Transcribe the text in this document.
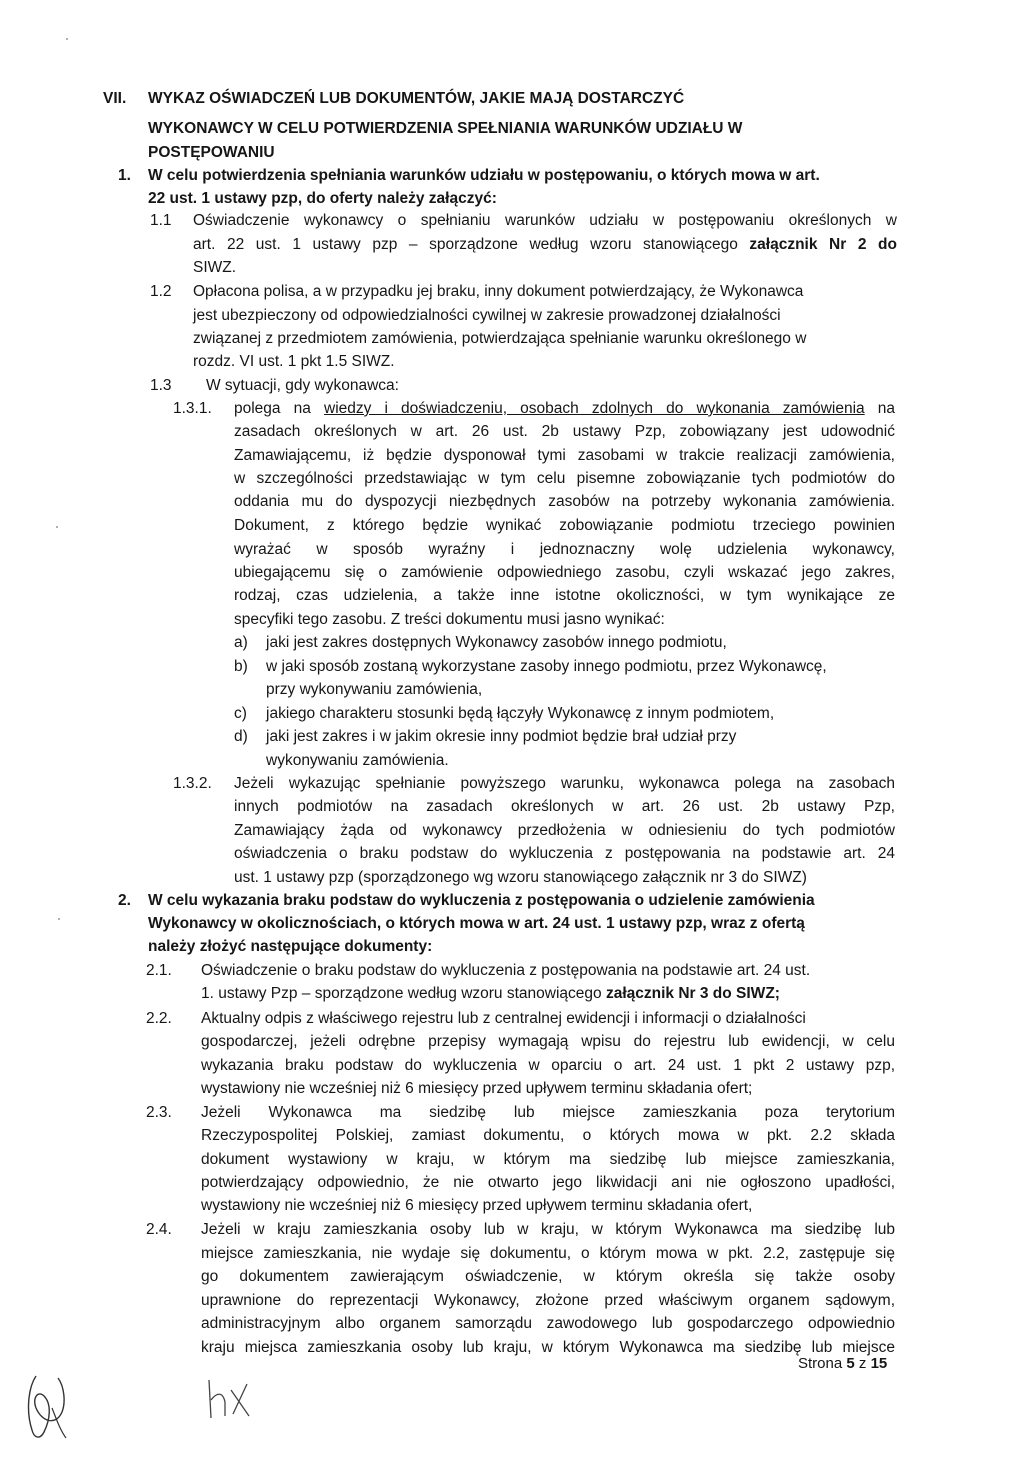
VII. WYKAZ OŚWIADCZEŃ LUB DOKUMENTÓW, JAKIE MAJĄ DOSTARCZYĆ
WYKONAWCY W CELU POTWIERDZENIA SPEŁNIANIA WARUNKÓW UDZIAŁU W
POSTĘPOWANIU
1. W celu potwierdzenia spełniania warunków udziału w postępowaniu, o których mowa w art.
22 ust. 1 ustawy pzp, do oferty należy załączyć:
1.1 Oświadczenie wykonawcy o spełnianiu warunków udziału w postępowaniu określonych w
art. 22 ust. 1 ustawy pzp – sporządzone według wzoru stanowiącego załącznik Nr 2 do
SIWZ.
1.2 Opłacona polisa, a w przypadku jej braku, inny dokument potwierdzający, że Wykonawca
jest ubezpieczony od odpowiedzialności cywilnej w zakresie prowadzonej działalności
związanej z przedmiotem zamówienia, potwierdzająca spełnianie warunku określonego w
rozdz. VI ust. 1 pkt 1.5 SIWZ.
1.3 W sytuacji, gdy wykonawca:
1.3.1. polega na wiedzy i doświadczeniu, osobach zdolnych do wykonania zamówienia na
zasadach określonych w art. 26 ust. 2b ustawy Pzp, zobowiązany jest udowodnić
Zamawiającemu, iż będzie dysponował tymi zasobami w trakcie realizacji zamówienia,
w szczególności przedstawiając w tym celu pisemne zobowiązanie tych podmiotów do
oddania mu do dyspozycji niezbędnych zasobów na potrzeby wykonania zamówienia.
Dokument, z którego będzie wynikać zobowiązanie podmiotu trzeciego powinien
wyrażać w sposób wyraźny i jednoznaczny wolę udzielenia wykonawcy,
ubiegającemu się o zamówienie odpowiedniego zasobu, czyli wskazać jego zakres,
rodzaj, czas udzielenia, a także inne istotne okoliczności, w tym wynikające ze
specyfiki tego zasobu. Z treści dokumentu musi jasno wynikać:
a) jaki jest zakres dostępnych Wykonawcy zasobów innego podmiotu,
b) w jaki sposób zostaną wykorzystane zasoby innego podmiotu, przez Wykonawcę,
przy wykonywaniu zamówienia,
c) jakiego charakteru stosunki będą łączyły Wykonawcę z innym podmiotem,
d) jaki jest zakres i w jakim okresie inny podmiot będzie brał udział przy
wykonywaniu zamówienia.
1.3.2. Jeżeli wykazując spełnianie powyższego warunku, wykonawca polega na zasobach
innych podmiotów na zasadach określonych w art. 26 ust. 2b ustawy Pzp,
Zamawiający żąda od wykonawcy przedłożenia w odniesieniu do tych podmiotów
oświadczenia o braku podstaw do wykluczenia z postępowania na podstawie art. 24
ust. 1 ustawy pzp (sporządzonego wg wzoru stanowiącego załącznik nr 3 do SIWZ)
2. W celu wykazania braku podstaw do wykluczenia z postępowania o udzielenie zamówienia
Wykonawcy w okolicznościach, o których mowa w art. 24 ust. 1 ustawy pzp, wraz z ofertą
należy złożyć następujące dokumenty:
2.1. Oświadczenie o braku podstaw do wykluczenia z postępowania na podstawie art. 24 ust.
1. ustawy Pzp – sporządzone według wzoru stanowiącego załącznik Nr 3 do SIWZ;
2.2. Aktualny odpis z właściwego rejestru lub z centralnej ewidencji i informacji o działalności
gospodarczej, jeżeli odrębne przepisy wymagają wpisu do rejestru lub ewidencji, w celu
wykazania braku podstaw do wykluczenia w oparciu o art. 24 ust. 1 pkt 2 ustawy pzp,
wystawiony nie wcześniej niż 6 miesięcy przed upływem terminu składania ofert;
2.3. Jeżeli Wykonawca ma siedzibę lub miejsce zamieszkania poza terytorium
Rzeczypospolitej Polskiej, zamiast dokumentu, o których mowa w pkt. 2.2 składa
dokument wystawiony w kraju, w którym ma siedzibę lub miejsce zamieszkania,
potwierdzający odpowiednio, że nie otwarto jego likwidacji ani nie ogłoszono upadłości,
wystawiony nie wcześniej niż 6 miesięcy przed upływem terminu składania ofert,
2.4. Jeżeli w kraju zamieszkania osoby lub w kraju, w którym Wykonawca ma siedzibę lub
miejsce zamieszkania, nie wydaje się dokumentu, o którym mowa w pkt. 2.2, zastępuje się
go dokumentem zawierającym oświadczenie, w którym określa się także osoby
uprawnione do reprezentacji Wykonawcy, złożone przed właściwym organem sądowym,
administracyjnym albo organem samorządu zawodowego lub gospodarczego odpowiednio
kraju miejsca zamieszkania osoby lub kraju, w którym Wykonawca ma siedzibę lub miejsce
Strona 5 z 15
